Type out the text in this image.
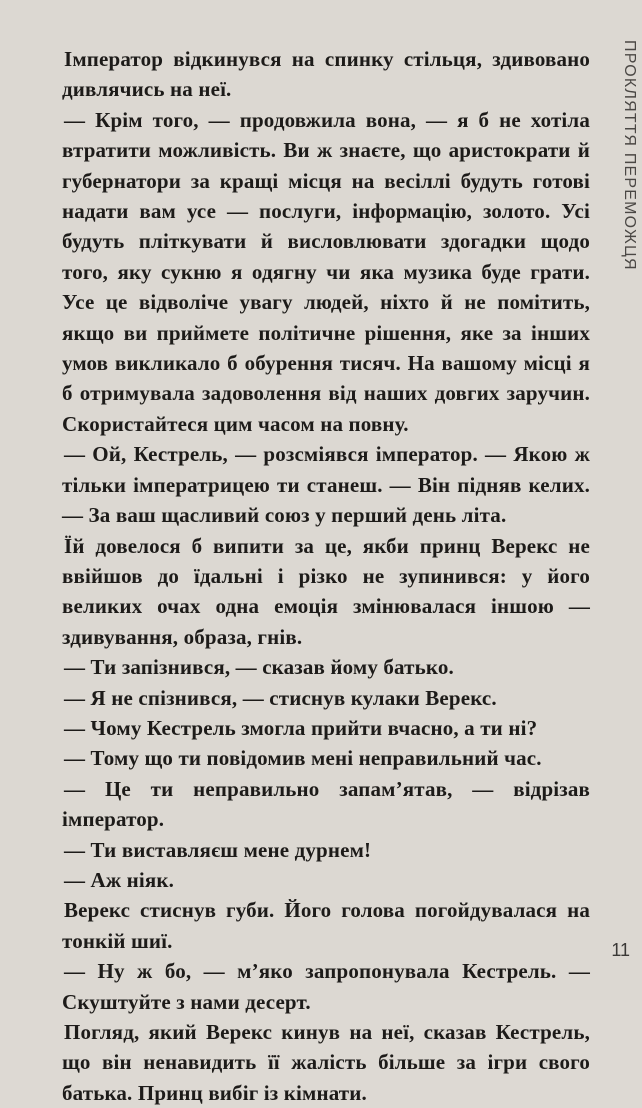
ПРОКЛЯТТЯ ПЕРЕМОЖЦЯ

Імператор відкинувся на спинку стільця, здивовано дивлячись на неї.

— Крім того, — продовжила вона, — я б не хотіла втратити можливість. Ви ж знаєте, що аристократи й губернатори за кращі місця на весіллі будуть готові надати вам усе — послуги, інформацію, золото. Усі будуть пліткувати й висловлювати здогадки щодо того, яку сукню я одягну чи яка музика буде грати. Усе це відволіче увагу людей, ніхто й не помітить, якщо ви приймете політичне рішення, яке за інших умов викликало б обурення тисяч. На вашому місці я б отримувала задоволення від наших довгих заручин. Скористайтеся цим часом на повну.

— Ой, Кестрель, — розсміявся імператор. — Якою ж тільки імператрицею ти станеш. — Він підняв келих. — За ваш щасливий союз у перший день літа.

Їй довелося б випити за це, якби принц Верекс не ввійшов до їдальні і різко не зупинився: у його великих очах одна емоція змінювалася іншою — здивування, образа, гнів.

— Ти запізнився, — сказав йому батько.

— Я не спізнився, — стиснув кулаки Верекс.

— Чому Кестрель змогла прийти вчасно, а ти ні?

— Тому що ти повідомив мені неправильний час.

— Це ти неправильно запам’ятав, — відрізав імператор.

— Ти виставляєш мене дурнем!

— Аж ніяк.

Верекс стиснув губи. Його голова погойдувалася на тонкій шиї.

— Ну ж бо, — м’яко запропонувала Кестрель. — Скуштуйте з нами десерт.

Погляд, який Верекс кинув на неї, сказав Кестрель, що він ненавидить її жалість більше за ігри свого батька. Принц вибіг із кімнати.

11
